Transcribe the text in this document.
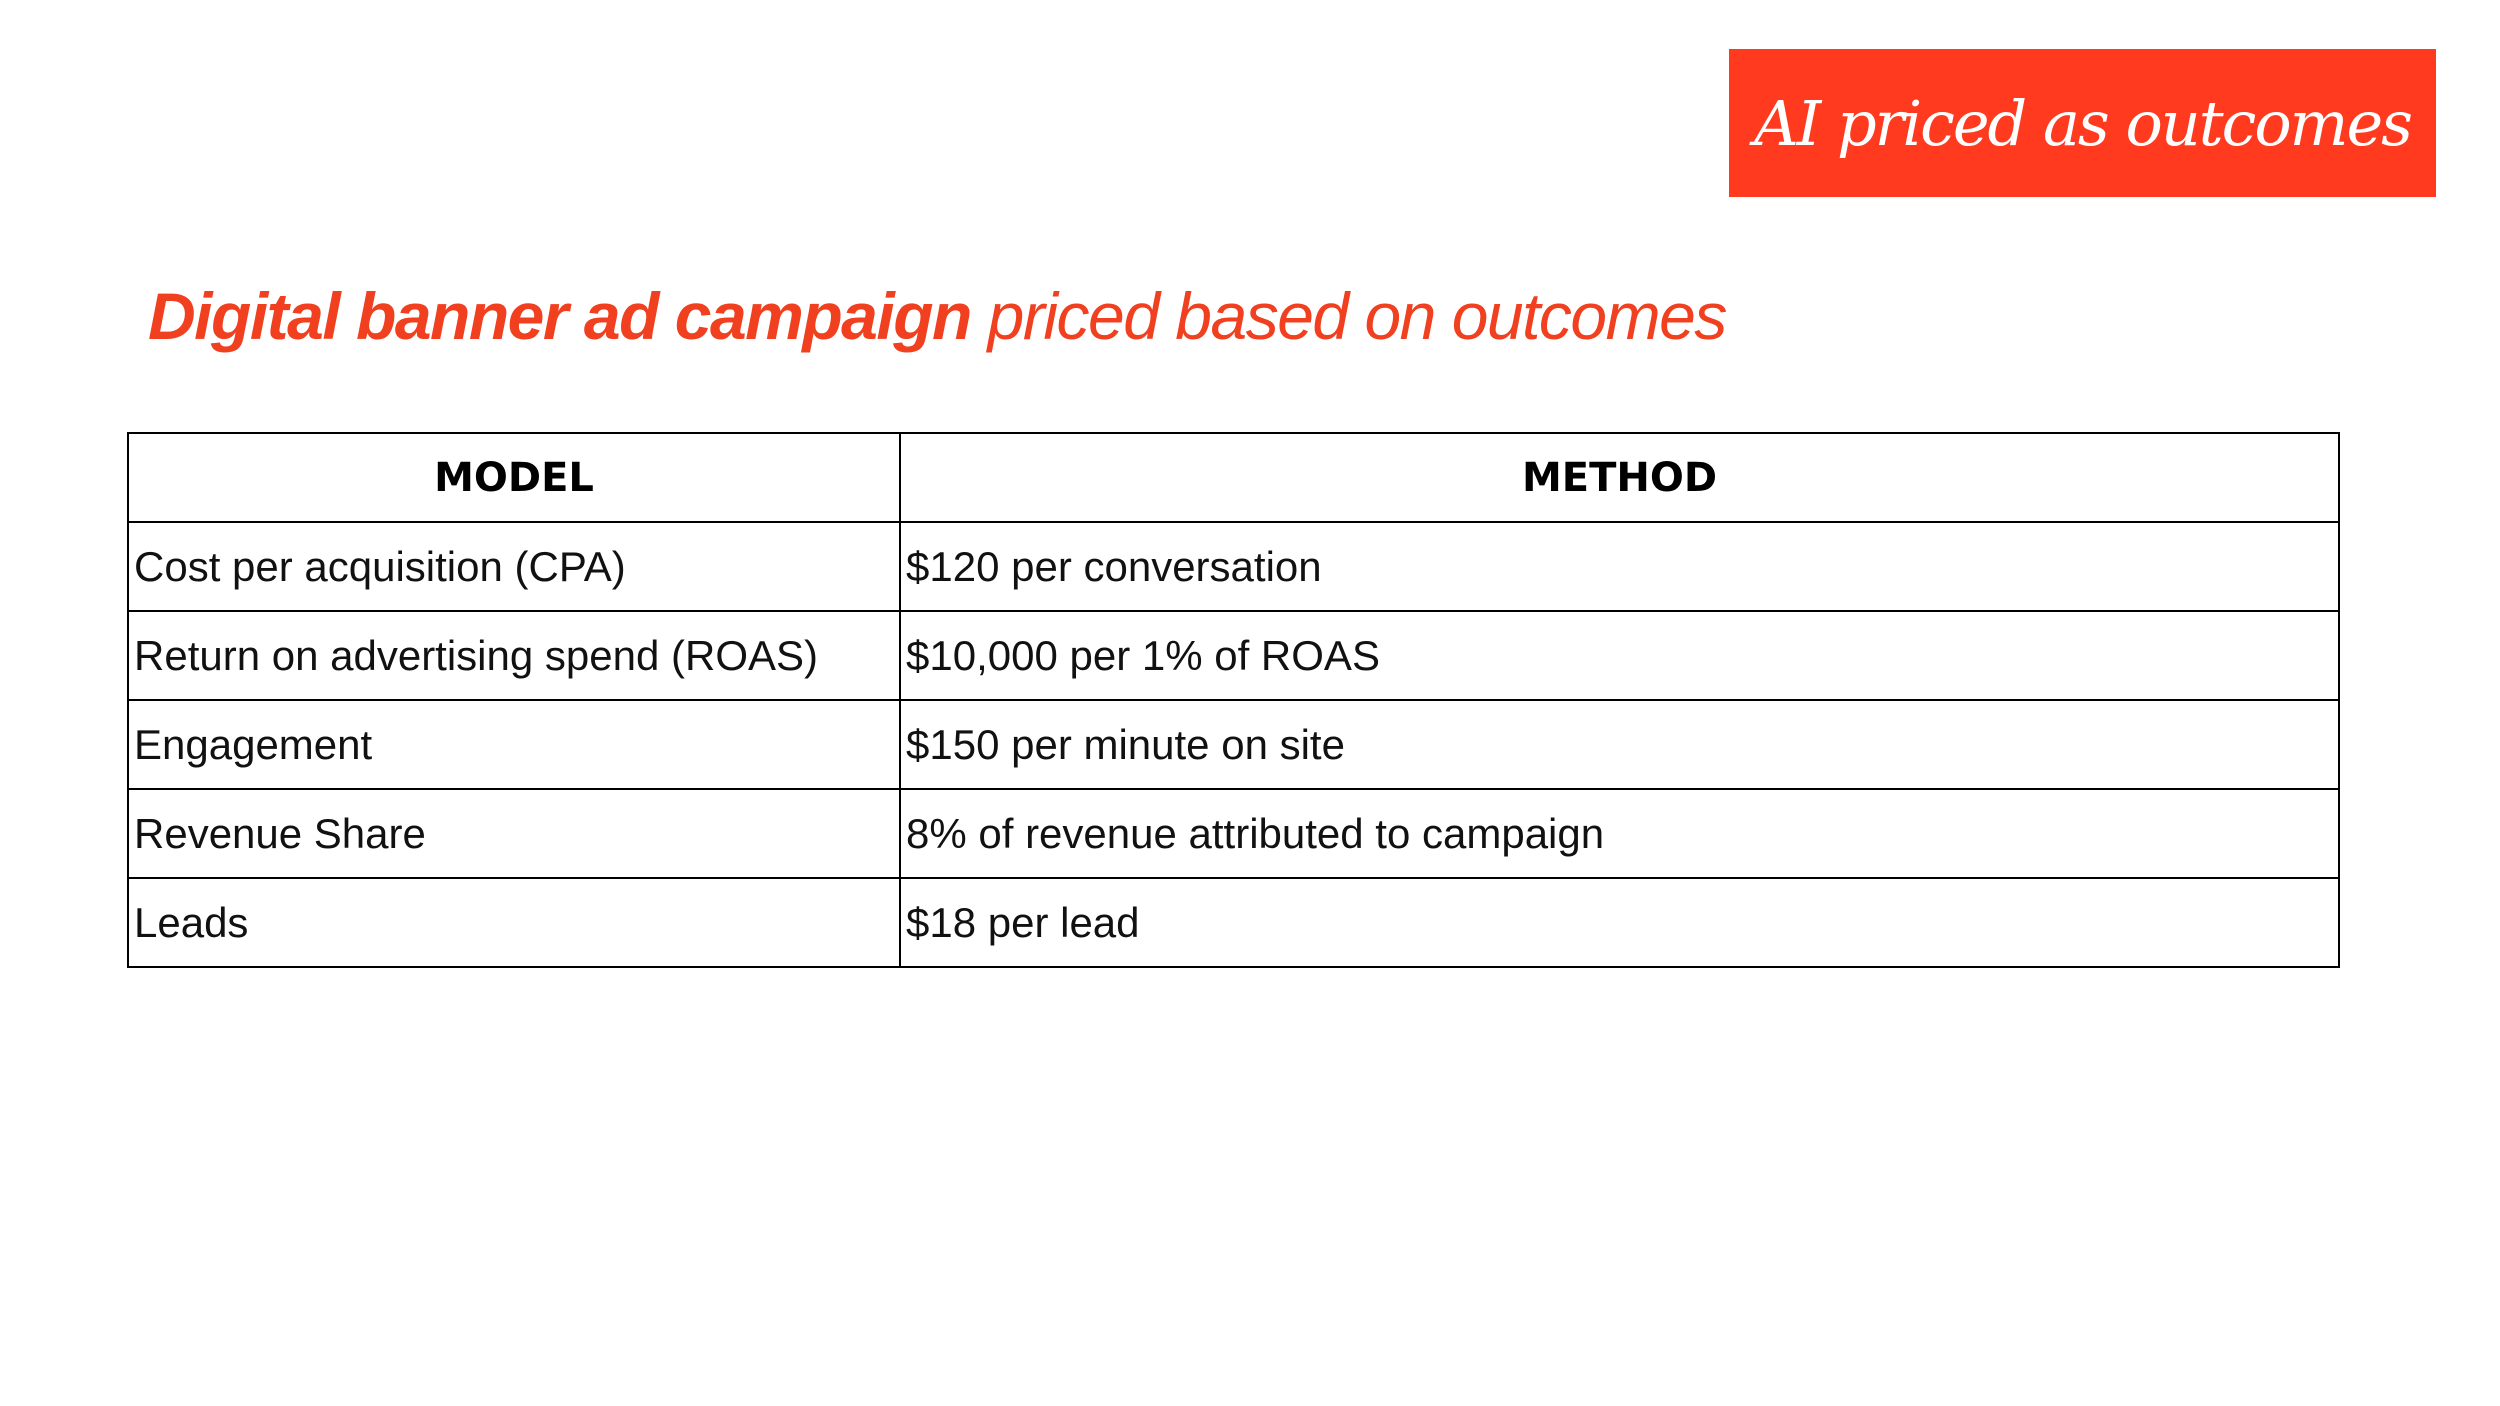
AI priced as outcomes
Digital banner ad campaign priced based on outcomes
MODEL	METHOD
Cost per acquisition (CPA)	$120 per conversation
Return on advertising spend (ROAS)	$10,000 per 1% of ROAS
Engagement	$150 per minute on site
Revenue Share	8% of revenue attributed to campaign
Leads	$18 per lead
